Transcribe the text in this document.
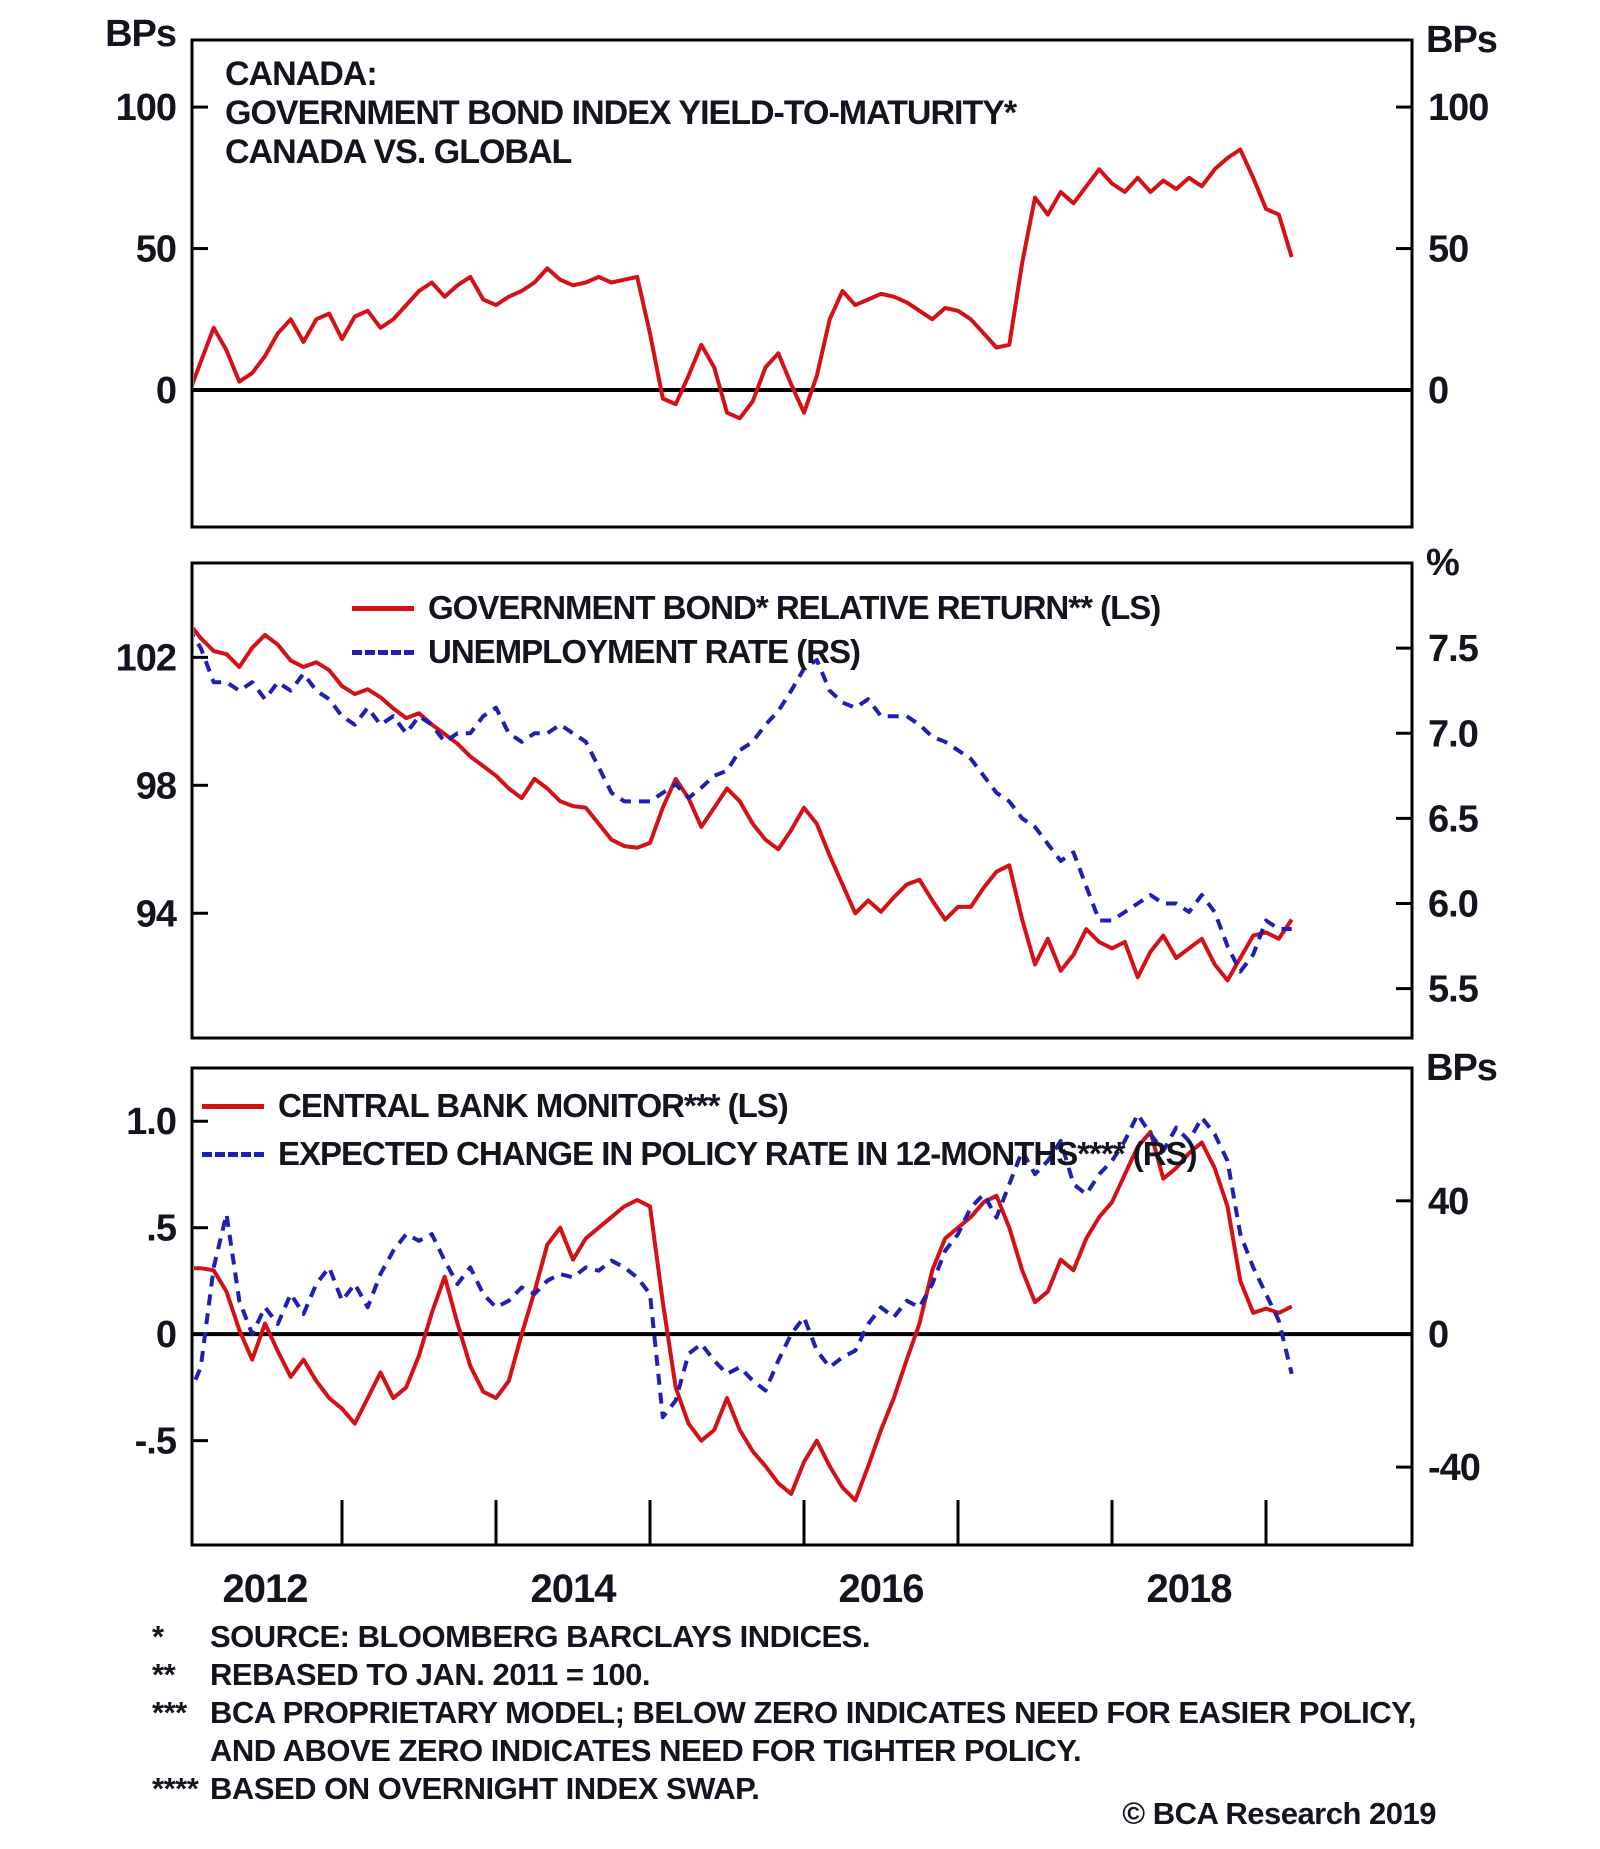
100
50
0
100
50
0
BPs	BPs
102
98
94
7.5
7.0
6.5
6.0
5.5
%
1.0
.5
0
-.5
40
0
-40
BPs
2012	2014	2016	2018
CANADA:
GOVERNMENT BOND INDEX YIELD-TO-MATURITY*
CANADA VS. GLOBAL
GOVERNMENT BOND* RELATIVE RETURN** (LS)
UNEMPLOYMENT RATE (RS)
CENTRAL BANK MONITOR*** (LS)
EXPECTED CHANGE IN POLICY RATE IN 12-MONTHS**** (RS)
*	SOURCE: BLOOMBERG BARCLAYS INDICES.
**	REBASED TO JAN. 2011 = 100.
*** BCA PROPRIETARY MODEL; BELOW ZERO INDICATES NEED FOR EASIER POLICY,
AND ABOVE ZERO INDICATES NEED FOR TIGHTER POLICY.
**** BASED ON OVERNIGHT INDEX SWAP.
© BCA Research 2019
